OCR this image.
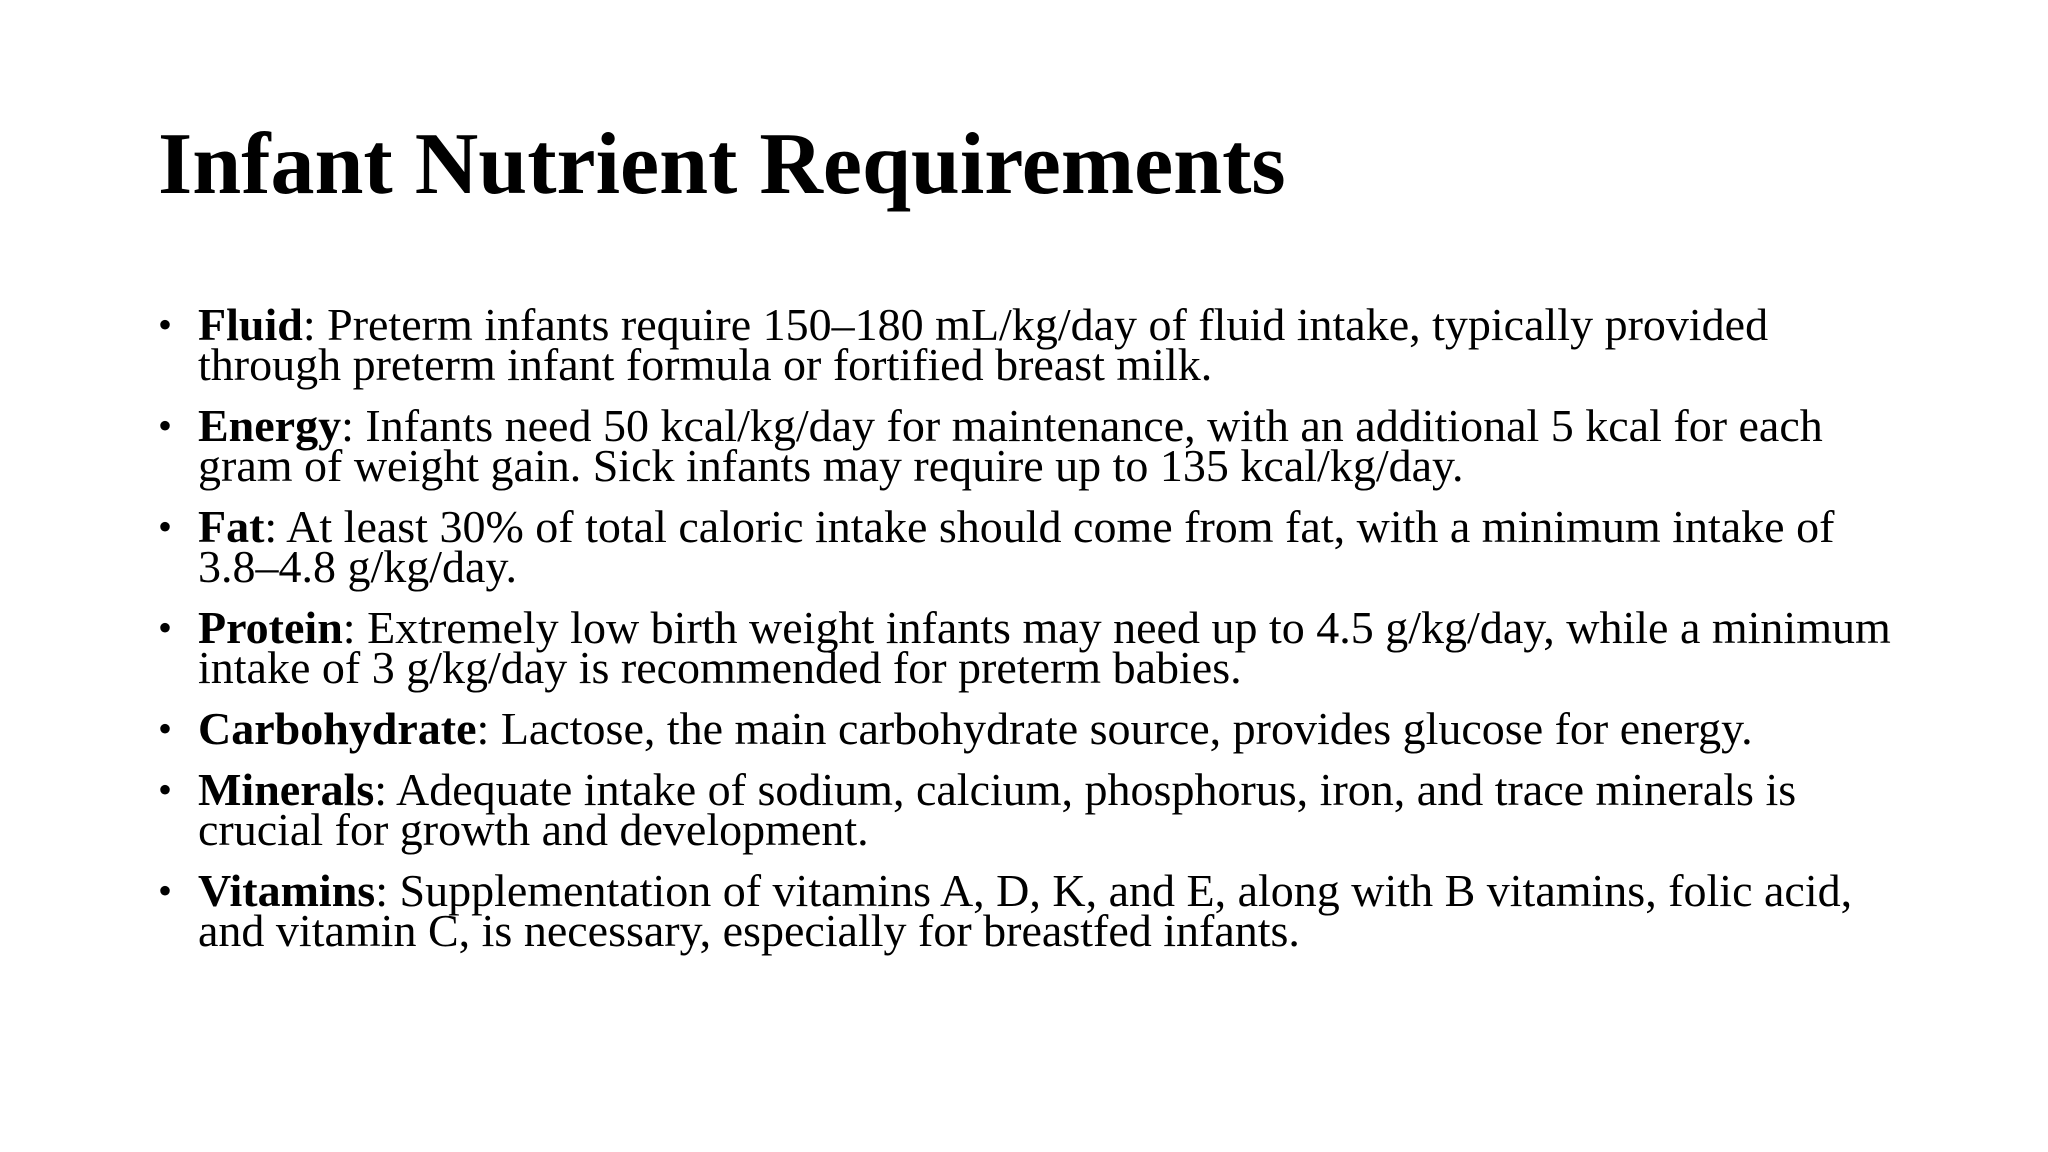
Infant Nutrient Requirements
• Fluid: Preterm infants require 150–180 mL/kg/day of fluid intake, typically provided through preterm infant formula or fortified breast milk.
• Energy: Infants need 50 kcal/kg/day for maintenance, with an additional 5 kcal for each gram of weight gain. Sick infants may require up to 135 kcal/kg/day.
• Fat: At least 30% of total caloric intake should come from fat, with a minimum intake of 3.8–4.8 g/kg/day.
• Protein: Extremely low birth weight infants may need up to 4.5 g/kg/day, while a minimum intake of 3 g/kg/day is recommended for preterm babies.
• Carbohydrate: Lactose, the main carbohydrate source, provides glucose for energy.
• Minerals: Adequate intake of sodium, calcium, phosphorus, iron, and trace minerals is crucial for growth and development.
• Vitamins: Supplementation of vitamins A, D, K, and E, along with B vitamins, folic acid, and vitamin C, is necessary, especially for breastfed infants.
